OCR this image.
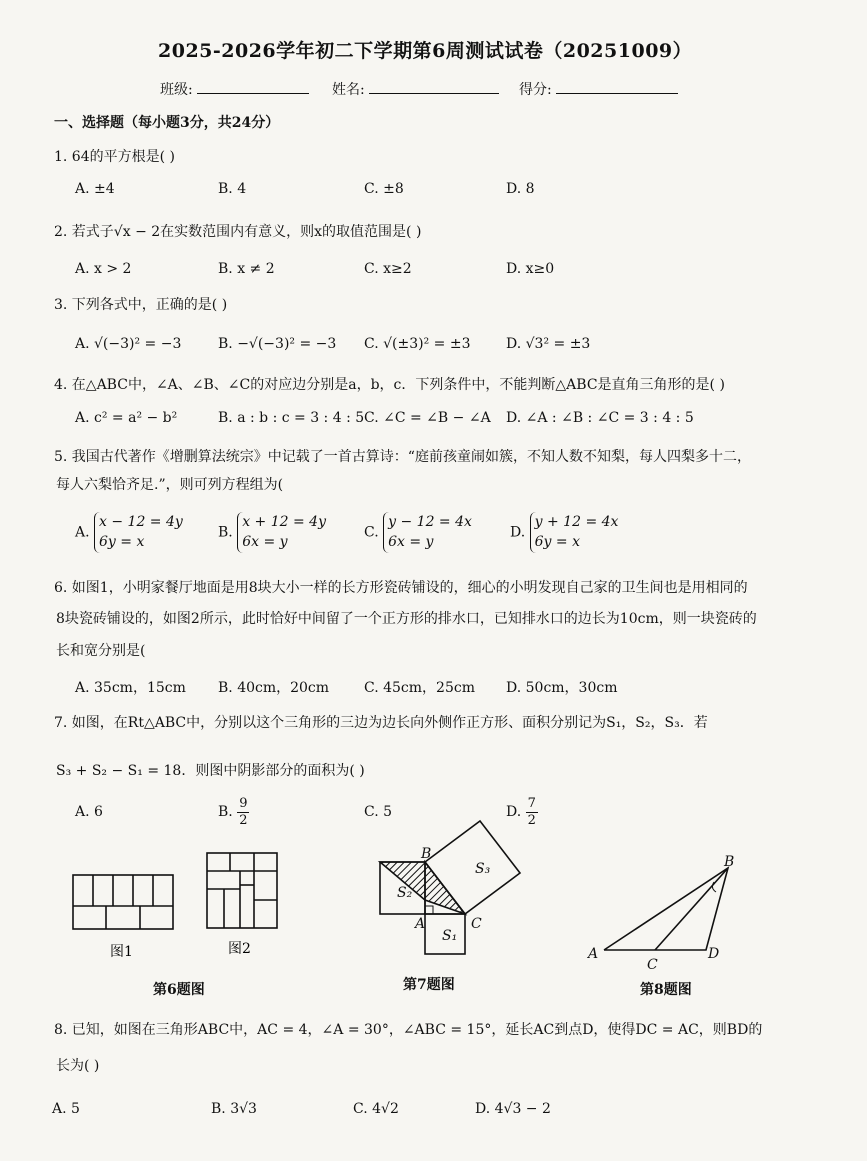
2025-2026学年初二下学期第6周测试试卷（20251009）
班级:	姓名:	得分:
一、选择题（每小题3分，共24分）
1. 64的平方根是( )
A. ±4	B. 4	C. ±8	D. 8
2. 若式子√x − 2在实数范围内有意义，则x的取值范围是( )
A. x > 2	B. x ≠ 2	C. x≥2	D. x≥0
3. 下列各式中，正确的是( )
A. √(−3)² = −3	B. −√(−3)² = −3 C. √(±3)² = ±3	D. √3² = ±3
4. 在△ABC中，∠A、∠B、∠C的对应边分别是a，b，c．下列条件中，不能判断△ABC是直角三角形的是( )
A. c² = a² − b²	B. a : b : c = 3 : 4 : 5 C. ∠C = ∠B − ∠A D. ∠A : ∠B : ∠C = 3 : 4 : 5
5. 我国古代著作《增删算法统宗》中记载了一首古算诗：“庭前孩童闹如簇，不知人数不知梨，每人四梨多十二，
每人六梨恰齐足.”，则可列方程组为(
A. x − 12 = 4y
6y = x
B. x + 12 = 4y
6x = y
C. y − 12 = 4x
6x = y
D. y + 12 = 4x
6y = x
6. 如图1，小明家餐厅地面是用8块大小一样的长方形瓷砖铺设的，细心的小明发现自己家的卫生间也是用相同的
8块瓷砖铺设的，如图2所示，此时恰好中间留了一个正方形的排水口，已知排水口的边长为10cm，则一块瓷砖的
长和宽分别是(
A. 35cm，15cm B. 40cm，20cm C. 45cm，25cm D. 50cm，30cm
7. 如图，在Rt△ABC中，分别以这个三角形的三边为边长向外侧作正方形、面积分别记为S₁，S₂，S₃．若
S₃ + S₂ − S₁ = 18．则图中阴影部分的面积为( )
A. 6	B. $\frac{9}{2}$	C. 5	D. $\frac{7}{2}$
图1	图2
B
A	C
S₁
S₂
S₃	B
A
C
D
第6题图	第7题图	第8题图
8. 已知，如图在三角形ABC中，AC = 4，∠A = 30°，∠ABC = 15°，延长AC到点D，使得DC = AC，则BD的
长为( )
A. 5	B. 3√3	C. 4√2	D. 4√3 − 2
